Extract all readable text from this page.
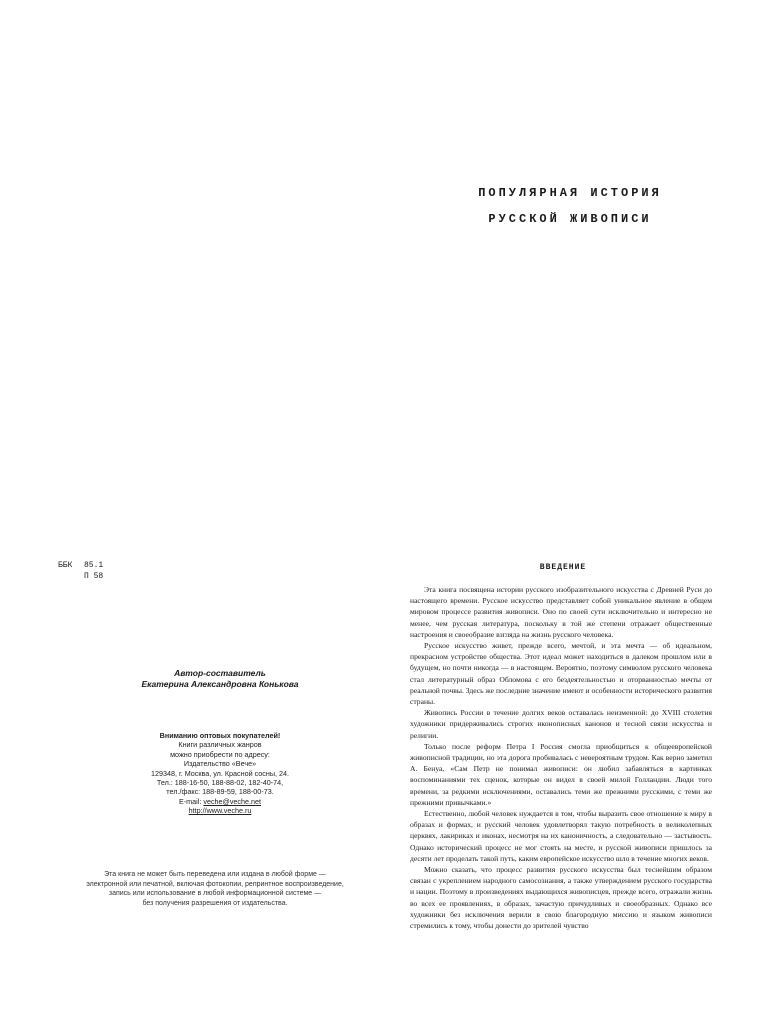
ПОПУЛЯРНАЯ ИСТОРИЯ
РУССКОЙ ЖИВОПИСИ
ББК	85.1
П 58
Автор-составитель
Екатерина Александровна Конькова
Вниманию оптовых покупателей!
Книги различных жанров
можно приобрести по адресу:
Издательство «Вече»
129348, г. Москва, ул. Красной сосны, 24.
Тел.: 188-16-50, 188-88-02, 182-40-74,
тел./факс: 188-89-59, 188-00-73.
E-mail: veche@veche.net
http://www.veche.ru
Эта книга не может быть переведена или издана в любой форме —
электронной или печатной, включая фотокопии, репринтное воспроизведение,
запись или использование в любой информационной системе —
без получения разрешения от издательства.
ВВЕДЕНИЕ

Эта книга посвящена истории русского изобразительного искусства с Древней Руси до настоящего времени. Русское искусство представляет собой уникальное явление в общем мировом процессе развития живописи. Оно по своей сути исключительно и интересно не менее, чем русская литература, поскольку в той же степени отражает общественные настроения и своеобразие взгляда на жизнь русского человека.

Русское искусство живет, прежде всего, мечтой, и эта мечта — об идеальном, прекрасном устройстве общества. Этот идеал может находиться в далеком прошлом или в будущем, но почти никогда — в настоящем. Вероятно, поэтому символом русского человека стал литературный образ Обломова с его бездеятельностью и оторванностью мечты от реальной почвы. Здесь же последние значение имеют и особенности исторического развития страны.

Живопись России в течение долгих веков оставалась неизменной: до XVIII столетия художники придерживались строгих иконописных канонов и тесной связи искусства и религии.

Только после реформ Петра I Россия смогла приобщиться к общеевропейской живописной традиции, но эта дорога пробивалась с невероятным трудом. Как верно заметил А. Бенуа, «Сам Петр не понимал живописи: он любил забавляться в картинках воспоминаниями тех сценок, которые он видел в своей милой Голландии. Люди того времени, за редкими исключениями, оставались теми же прежними русскими, с теми же прежними привычками.»

Естественно, любой человек нуждается в том, чтобы выразить свое отношение к миру в образах и формах, и русский человек удовлетворял такую потребность в великолепных церквях, лакириках и иконах, несмотря на их каноничность, а следовательно — застывость. Однако исторический процесс не мог стоять на месте, и русской живописи пришлось за десяти лет проделать такой путь, каким европейское искусство шло в течение многих веков.

Можно сказать, что процесс развития русского искусства был теснейшим образом связан с укреплением народного самосознания, а также утверждением русского государства и нации. Поэтому в произведениях выдающихся живописцев, прежде всего, отражали жизнь во всех ее проявлениях, в образах, зачастую причудливых и своеобразных. Однако все художники без исключения верили в свою благородную миссию и языком живописи стремились к тому, чтобы донести до зрителей чувство
